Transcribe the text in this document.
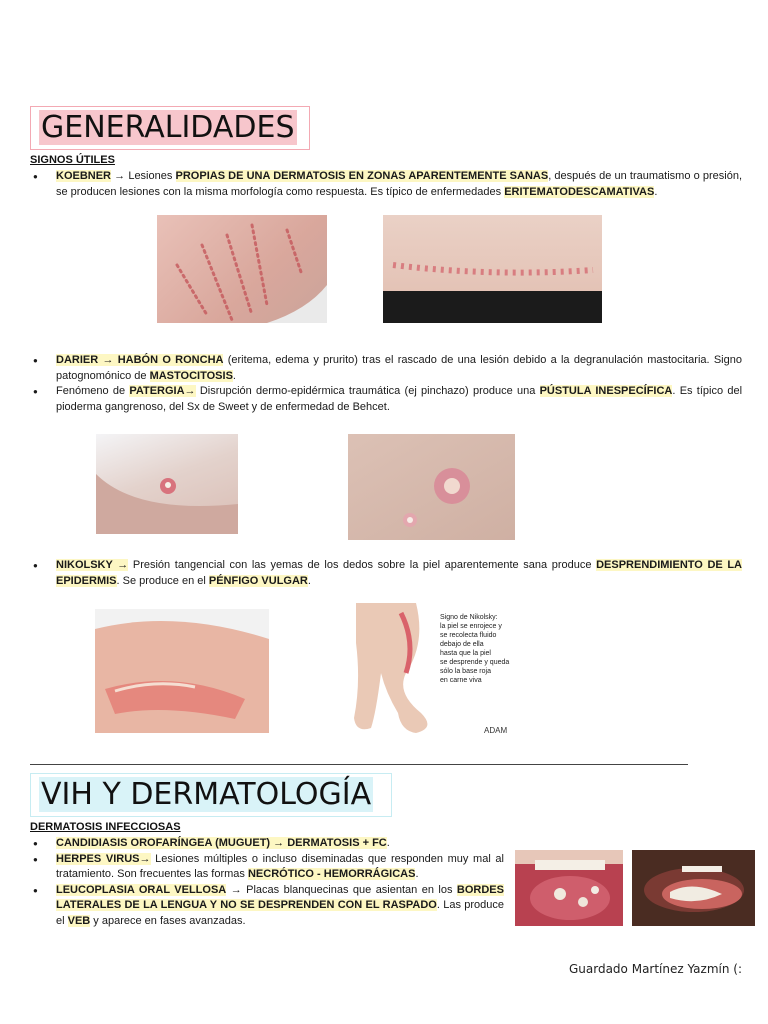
GENERALIDADES
SIGNOS ÚTILES
● KOEBNER → Lesiones PROPIAS DE UNA DERMATOSIS EN ZONAS APARENTEMENTE SANAS, después de un traumatismo o presión, se producen lesiones con la misma morfología como respuesta. Es típico de enfermedades ERITEMATODESCAMATIVAS.
● DARIER → HABÓN O RONCHA (eritema, edema y prurito) tras el rascado de una lesión debido a la degranulación mastocitaria. Signo patognomónico de MASTOCITOSIS.
● Fenómeno de PATERGIA→ Disrupción dermo-epidérmica traumática (ej pinchazo) produce una PÚSTULA INESPECÍFICA. Es típico del pioderma gangrenoso, del Sx de Sweet y de enfermedad de Behcet.
● NIKOLSKY → Presión tangencial con las yemas de los dedos sobre la piel aparentemente sana produce DESPRENDIMIENTO DE LA EPIDERMIS. Se produce en el PÉNFIGO VULGAR.
Signo de Nikolsky:
la piel se enrojece y
se recolecta fluido
debajo de ella
hasta que la piel
se desprende y queda
sólo la base roja
en carne viva
ADAM
VIH Y DERMATOLOGÍA
DERMATOSIS INFECCIOSAS
● CANDIDIASIS OROFARÍNGEA (MUGUET) → DERMATOSIS + FC.
● HERPES VIRUS→ Lesiones múltiples o incluso diseminadas que responden muy mal al tratamiento. Son frecuentes las formas NECRÓTICO - HEMORRÁGICAS.
● LEUCOPLASIA ORAL VELLOSA → Placas blanquecinas que asientan en los BORDES LATERALES DE LA LENGUA Y NO SE DESPRENDEN CON EL RASPADO. Las produce el VEB y aparece en fases avanzadas.
Guardado Martínez Yazmín (:
